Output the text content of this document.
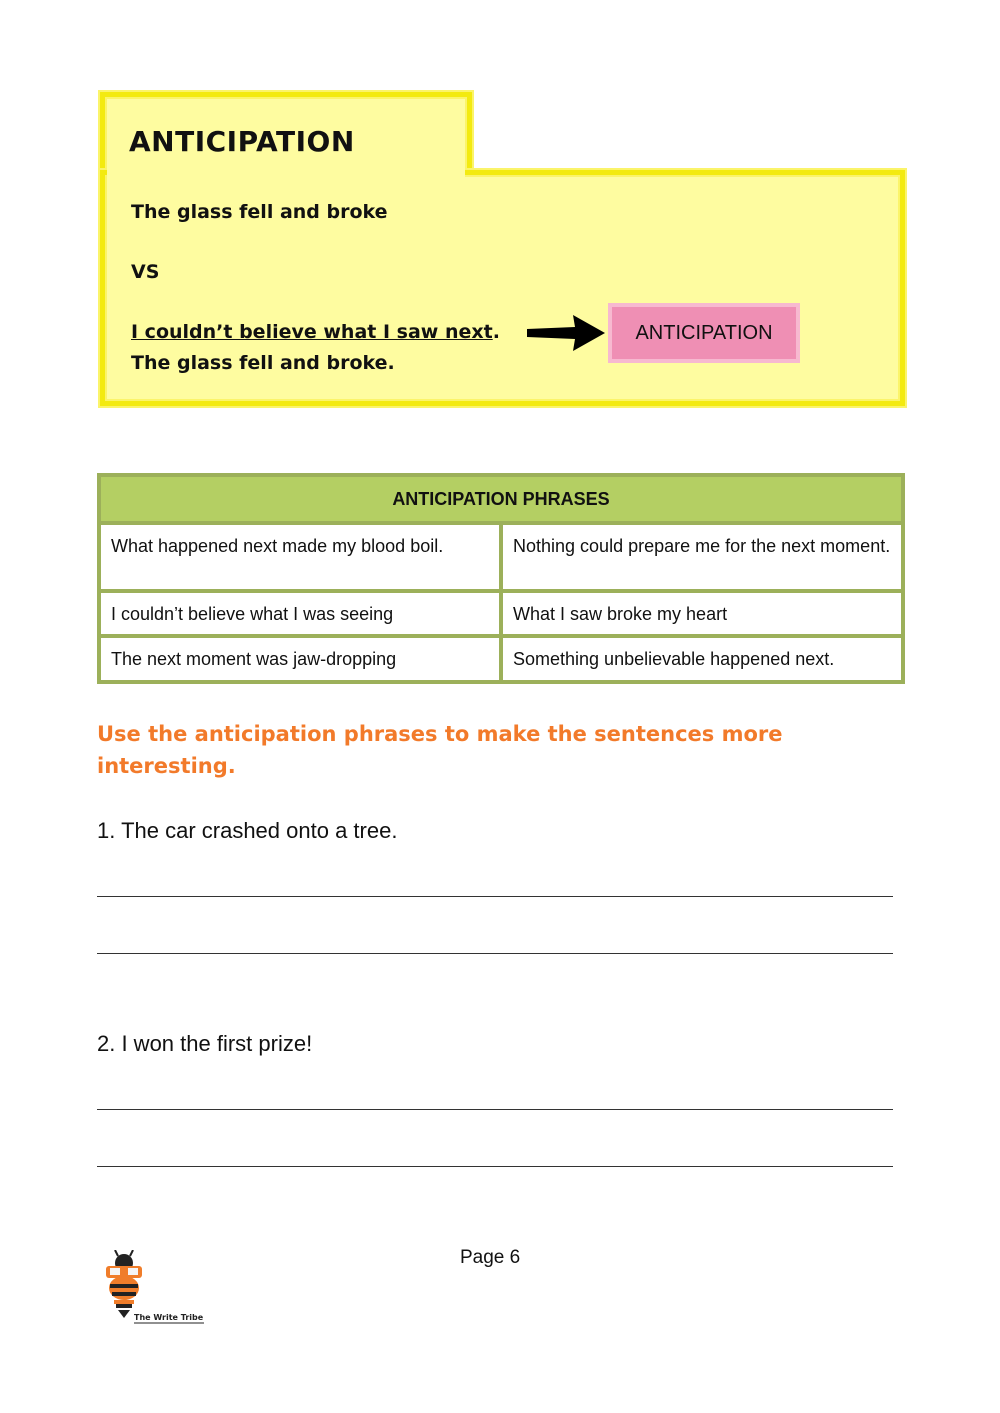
ANTICIPATION
The glass fell and broke
VS
I couldn’t believe what I saw next.
The glass fell and broke.
ANTICIPATION
ANTICIPATION PHRASES	
What happened next made my blood boil.	Nothing could prepare me for the next moment.
I couldn’t believe what I was seeing	What I saw broke my heart
The next moment was jaw-dropping	Something unbelievable happened next.
Use the anticipation phrases to make the sentences more interesting.
1. The car crashed onto a tree.
2. I won the first prize!
Page 6
The Write Tribe
